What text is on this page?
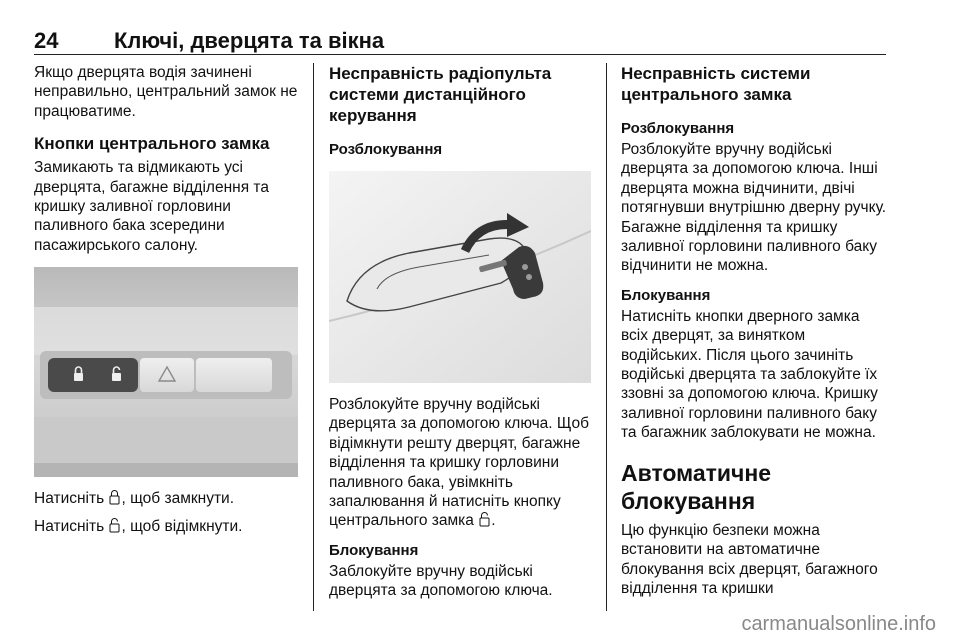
24	Ключі, дверцята та вікна

Якщо дверцята водія зачинені неправильно, центральний замок не працюватиме.

Кнопки центрального замка

Замикають та відмикають усі дверцята, багажне відділення та кришку заливної горловини паливного бака зсередини пасажирського салону.

Натисніть , щоб замкнути.

Натисніть , щоб відімкнути.

Несправність радіопульта системи дистанційного керування
Розблокування

Розблокуйте вручну водійські дверцята за допомогою ключа. Щоб відімкнути решту дверцят, багажне відділення та кришку горловини паливного бака, увімкніть запалювання й натисніть кнопку центрального замка .

Блокування

Заблокуйте вручну водійські дверцята за допомогою ключа.

Несправність системи центрального замка
Розблокування

Розблокуйте вручну водійські дверцята за допомогою ключа. Інші дверцята можна відчинити, двічі потягнувши внутрішню дверну ручку. Багажне відділення та кришку заливної горловини паливного баку відчинити не можна.

Блокування

Натисніть кнопки дверного замка всіх дверцят, за винятком водійських. Після цього зачиніть водійські дверцята та заблокуйте їх ззовні за допомогою ключа. Кришку заливної горловини паливного баку та багажник заблокувати не можна.

Автоматичне блокування

Цю функцію безпеки можна встановити на автоматичне блокування всіх дверцят, багажного відділення та кришки

carmanualsonline.info
